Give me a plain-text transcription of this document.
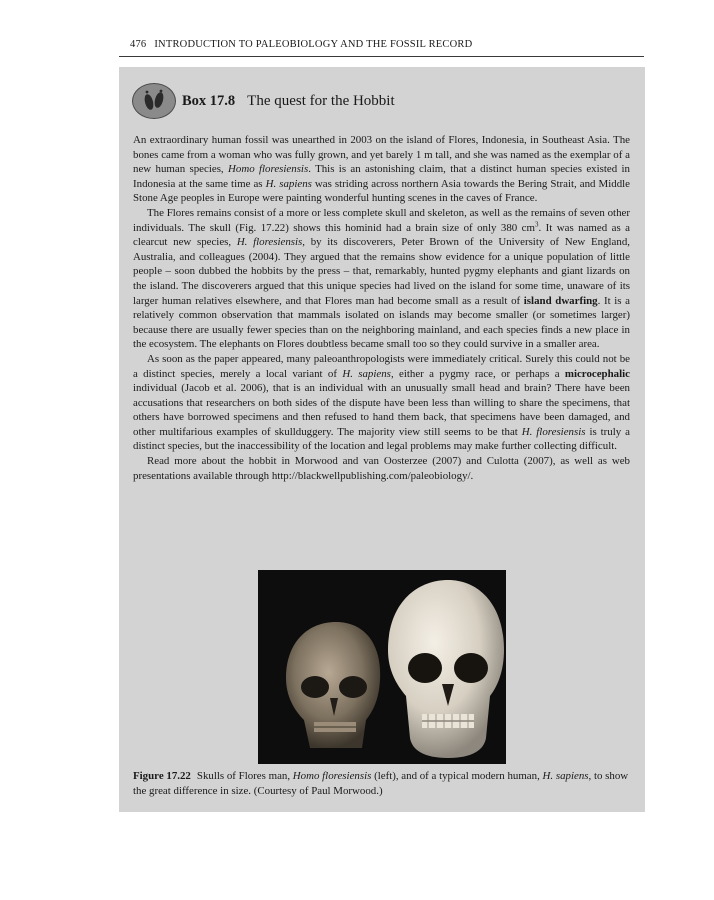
476 INTRODUCTION TO PALEOBIOLOGY AND THE FOSSIL RECORD
Box 17.8 The quest for the Hobbit

An extraordinary human fossil was unearthed in 2003 on the island of Flores, Indonesia, in Southeast Asia. The bones came from a woman who was fully grown, and yet barely 1 m tall, and she was named as the exemplar of a new human species, Homo floresiensis. This is an astonishing claim, that a distinct human species existed in Indonesia at the same time as H. sapiens was striding across northern Asia towards the Bering Strait, and Middle Stone Age peoples in Europe were painting wonderful hunting scenes in the caves of France.

The Flores remains consist of a more or less complete skull and skeleton, as well as the remains of seven other individuals. The skull (Fig. 17.22) shows this hominid had a brain size of only 380 $cm^3$. It was named as a clearcut new species, H. floresiensis, by its discoverers, Peter Brown of the University of New England, Australia, and colleagues (2004). They argued that the remains show evidence for a unique population of little people – soon dubbed the hobbits by the press – that, remarkably, hunted pygmy elephants and giant lizards on the island. The discoverers argued that this unique species had lived on the island for some time, unaware of its larger human relatives elsewhere, and that Flores man had become small as a result of island dwarfing. It is a relatively common observation that mammals isolated on islands may become smaller (or sometimes larger) because there are usually fewer species than on the neighboring mainland, and each species finds a new place in the ecosystem. The elephants on Flores doubtless became small too so they could survive in a smaller area.

As soon as the paper appeared, many paleoanthropologists were immediately critical. Surely this could not be a distinct species, merely a local variant of H. sapiens, either a pygmy race, or perhaps a microcephalic individual (Jacob et al. 2006), that is an individual with an unusually small head and brain? There have been accusations that researchers on both sides of the dispute have been less than willing to share the specimens, that others have borrowed specimens and then refused to hand them back, that specimens have been damaged, and other multifarious examples of skullduggery. The majority view still seems to be that H. floresiensis is truly a distinct species, but the inaccessibility of the location and legal problems may make further collecting difficult.

Read more about the hobbit in Morwood and van Oosterzee (2007) and Culotta (2007), as well as web presentations available through http://blackwellpublishing.com/paleobiology/.

Figure 17.22 Skulls of Flores man, Homo floresiensis (left), and of a typical modern human, H. sapiens, to show the great difference in size. (Courtesy of Paul Morwood.)
